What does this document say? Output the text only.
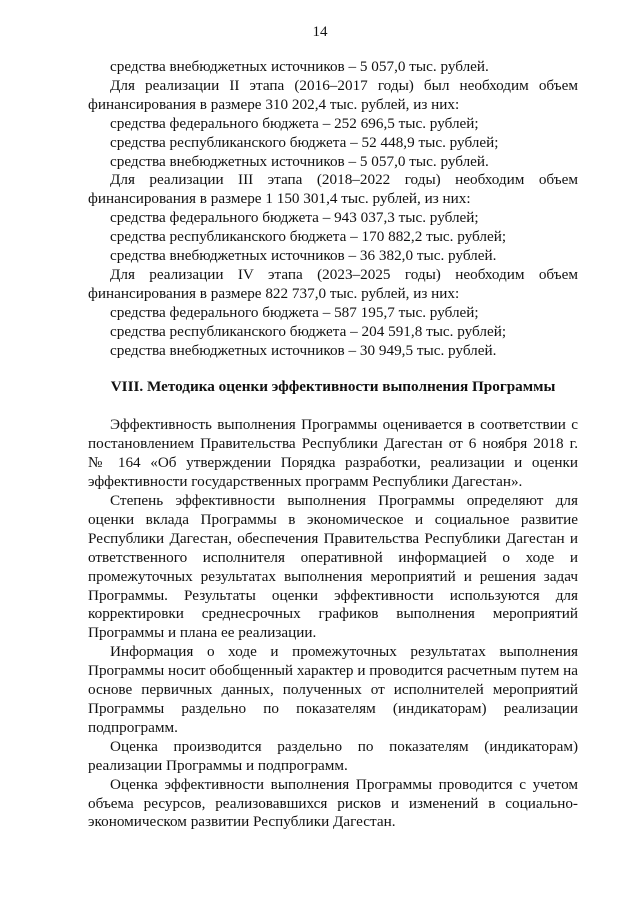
14

средства внебюджетных источников – 5 057,0 тыс. рублей.

Для реализации II этапа (2016–2017 годы) был необходим объем финансирования в размере 310 202,4 тыс. рублей, из них:

средства федерального бюджета – 252 696,5 тыс. рублей;

средства республиканского бюджета – 52 448,9 тыс. рублей;

средства внебюджетных источников – 5 057,0 тыс. рублей.

Для реализации III этапа (2018–2022 годы) необходим объем финансирования в размере 1 150 301,4 тыс. рублей, из них:

средства федерального бюджета – 943 037,3 тыс. рублей;

средства республиканского бюджета – 170 882,2 тыс. рублей;

средства внебюджетных источников – 36 382,0 тыс. рублей.

Для реализации IV этапа (2023–2025 годы) необходим объем финансирования в размере 822 737,0 тыс. рублей, из них:

средства федерального бюджета – 587 195,7 тыс. рублей;

средства республиканского бюджета – 204 591,8 тыс. рублей;

средства внебюджетных источников – 30 949,5 тыс. рублей.

VIII. Методика оценки эффективности выполнения Программы

Эффективность выполнения Программы оценивается в соответствии с постановлением Правительства Республики Дагестан от 6 ноября 2018 г. № 164 «Об утверждении Порядка разработки, реализации и оценки эффективности государственных программ Республики Дагестан».

Степень эффективности выполнения Программы определяют для оценки вклада Программы в экономическое и социальное развитие Республики Дагестан, обеспечения Правительства Республики Дагестан и ответственного исполнителя оперативной информацией о ходе и промежуточных результатах выполнения мероприятий и решения задач Программы. Результаты оценки эффективности используются для корректировки среднесрочных графиков выполнения мероприятий Программы и плана ее реализации.

Информация о ходе и промежуточных результатах выполнения Программы носит обобщенный характер и проводится расчетным путем на основе первичных данных, полученных от исполнителей мероприятий Программы раздельно по показателям (индикаторам) реализации подпрограмм.

Оценка производится раздельно по показателям (индикаторам) реализации Программы и подпрограмм.

Оценка эффективности выполнения Программы проводится с учетом объема ресурсов, реализовавшихся рисков и изменений в социально-экономическом развитии Республики Дагестан.
